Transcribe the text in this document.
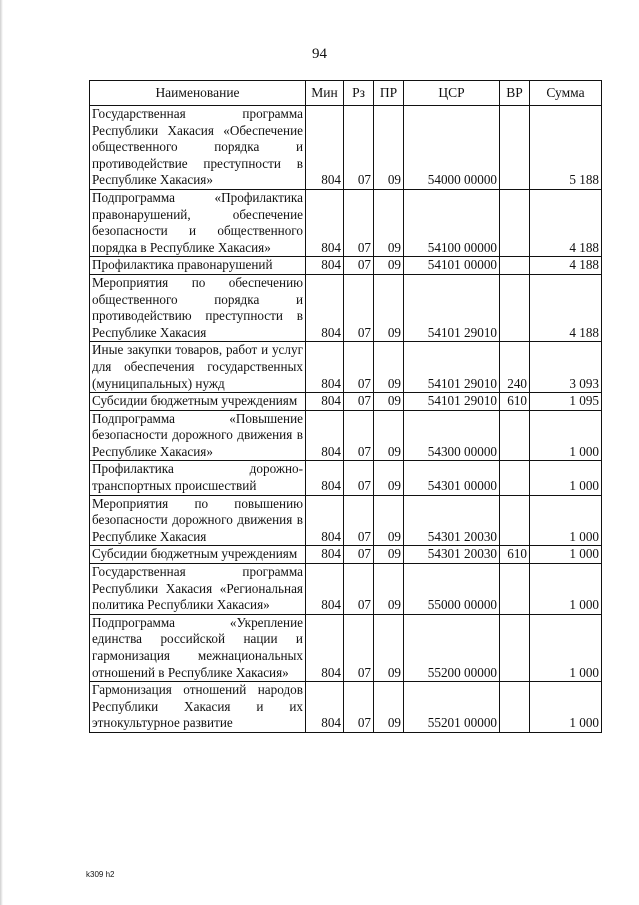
94
Наименование	Мин	Рз	ПР	ЦСР	ВР	Сумма
Государственная программа Республики Хакасия «Обеспечение общественного порядка и противодействие преступности в Республике Хакасия»	804	07	09	54000 00000		5 188
Подпрограмма «Профилактика правонарушений, обеспечение безопасности и общественного порядка в Республике Хакасия»	804	07	09	54100 00000		4 188
Профилактика правонарушений	804	07	09	54101 00000		4 188
Мероприятия по обеспечению общественного порядка и противодействию преступности в Республике Хакасия	804	07	09	54101 29010		4 188
Иные закупки товаров, работ и услуг для обеспечения государственных (муниципальных) нужд	804	07	09	54101 29010	240	3 093
Субсидии бюджетным учреждениям	804	07	09	54101 29010	610	1 095
Подпрограмма «Повышение безопасности дорожного движения в Республике Хакасия»	804	07	09	54300 00000		1 000
Профилактика дорожно-транспортных происшествий	804	07	09	54301 00000		1 000
Мероприятия по повышению безопасности дорожного движения в Республике Хакасия	804	07	09	54301 20030		1 000
Субсидии бюджетным учреждениям	804	07	09	54301 20030	610	1 000
Государственная программа Республики Хакасия «Региональная политика Республики Хакасия»	804	07	09	55000 00000		1 000
Подпрограмма «Укрепление единства российской нации и гармонизация межнациональных отношений в Республике Хакасия»	804	07	09	55200 00000		1 000
Гармонизация отношений народов Республики Хакасия и их этнокультурное развитие	804	07	09	55201 00000		1 000
k309 h2
